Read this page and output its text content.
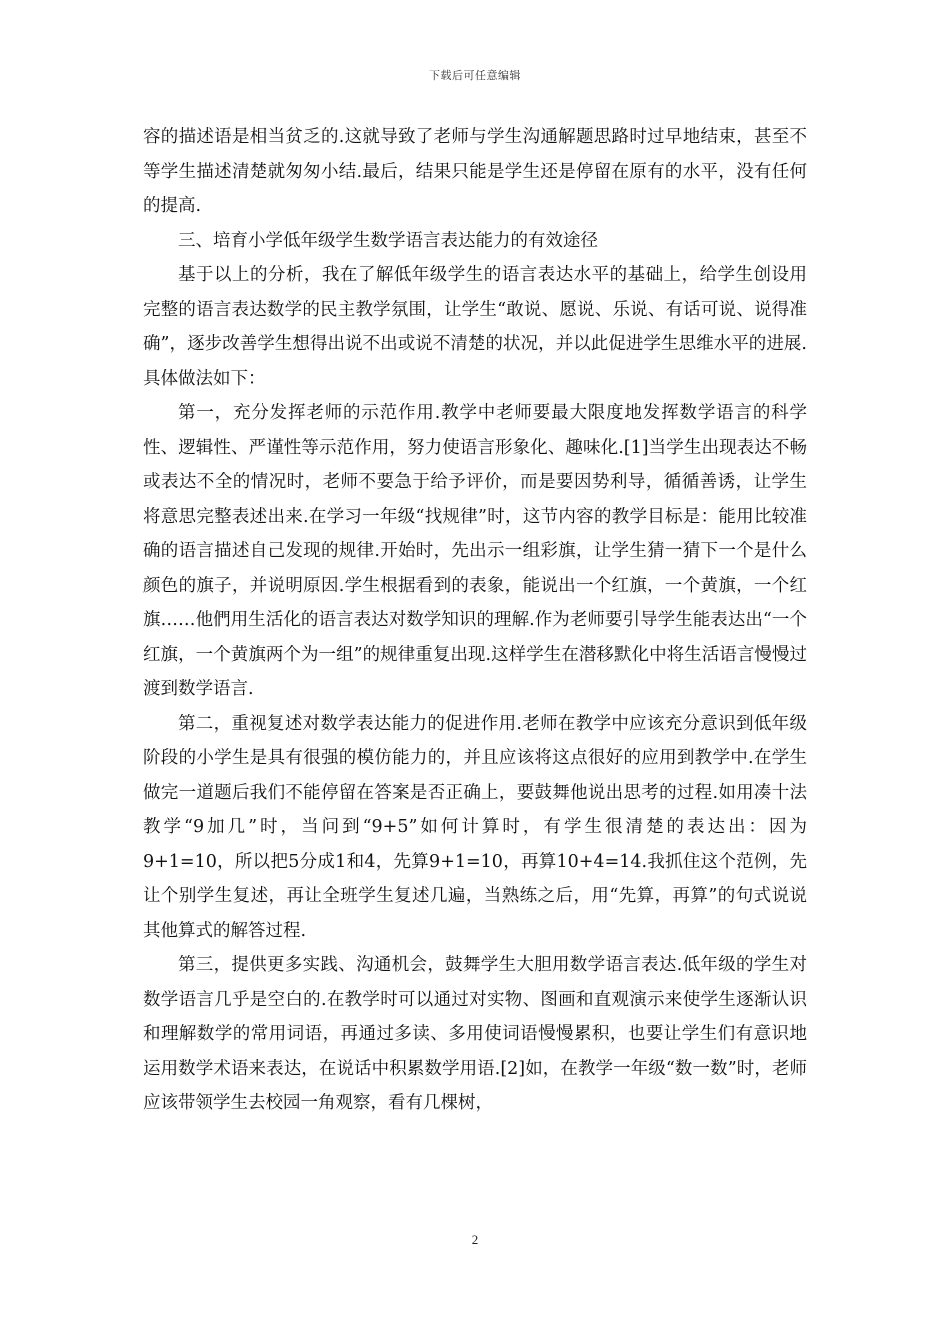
下载后可任意编辑

容的描述语是相当贫乏的.这就导致了老师与学生沟通解题思路时过早地结束，甚至不等学生描述清楚就匆匆小结.最后，结果只能是学生还是停留在原有的水平，没有任何的提高.

三、培育小学低年级学生数学语言表达能力的有效途径

基于以上的分析，我在了解低年级学生的语言表达水平的基础上，给学生创设用完整的语言表达数学的民主教学氛围，让学生“敢说、愿说、乐说、有话可说、说得准确”，逐步改善学生想得出说不出或说不清楚的状况，并以此促进学生思维水平的进展.具体做法如下：

第一，充分发挥老师的示范作用.教学中老师要最大限度地发挥数学语言的科学性、逻辑性、严谨性等示范作用，努力使语言形象化、趣味化.[1]当学生出现表达不畅或表达不全的情况时，老师不要急于给予评价，而是要因势利导，循循善诱，让学生将意思完整表述出来.在学习一年级“找规律”时，这节内容的教学目标是：能用比较准确的语言描述自己发现的规律.开始时，先出示一组彩旗，让学生猜一猜下一个是什么颜色的旗子，并说明原因.学生根据看到的表象，能说出一个红旗，一个黄旗，一个红旗……他們用生活化的语言表达对数学知识的理解.作为老师要引导学生能表达出“一个红旗，一个黄旗两个为一组”的规律重复出现.这样学生在潜移默化中将生活语言慢慢过渡到数学语言.

第二，重视复述对数学表达能力的促进作用.老师在教学中应该充分意识到低年级阶段的小学生是具有很强的模仿能力的，并且应该将这点很好的应用到教学中.在学生做完一道题后我们不能停留在答案是否正确上，要鼓舞他说出思考的过程.如用凑十法教学“9加几”时，当问到“9+5”如何计算时，有学生很清楚的表达出：因为9+1=10，所以把5分成1和4，先算9+1=10，再算10+4=14.我抓住这个范例，先让个别学生复述，再让全班学生复述几遍，当熟练之后，用“先算，再算”的句式说说其他算式的解答过程.

第三，提供更多实践、沟通机会，鼓舞学生大胆用数学语言表达.低年级的学生对数学语言几乎是空白的.在教学时可以通过对实物、图画和直观演示来使学生逐渐认识和理解数学的常用词语，再通过多读、多用使词语慢慢累积，也要让学生们有意识地运用数学术语来表达，在说话中积累数学用语.[2]如，在教学一年级“数一数”时，老师应该带领学生去校园一角观察，看有几棵树，

2
